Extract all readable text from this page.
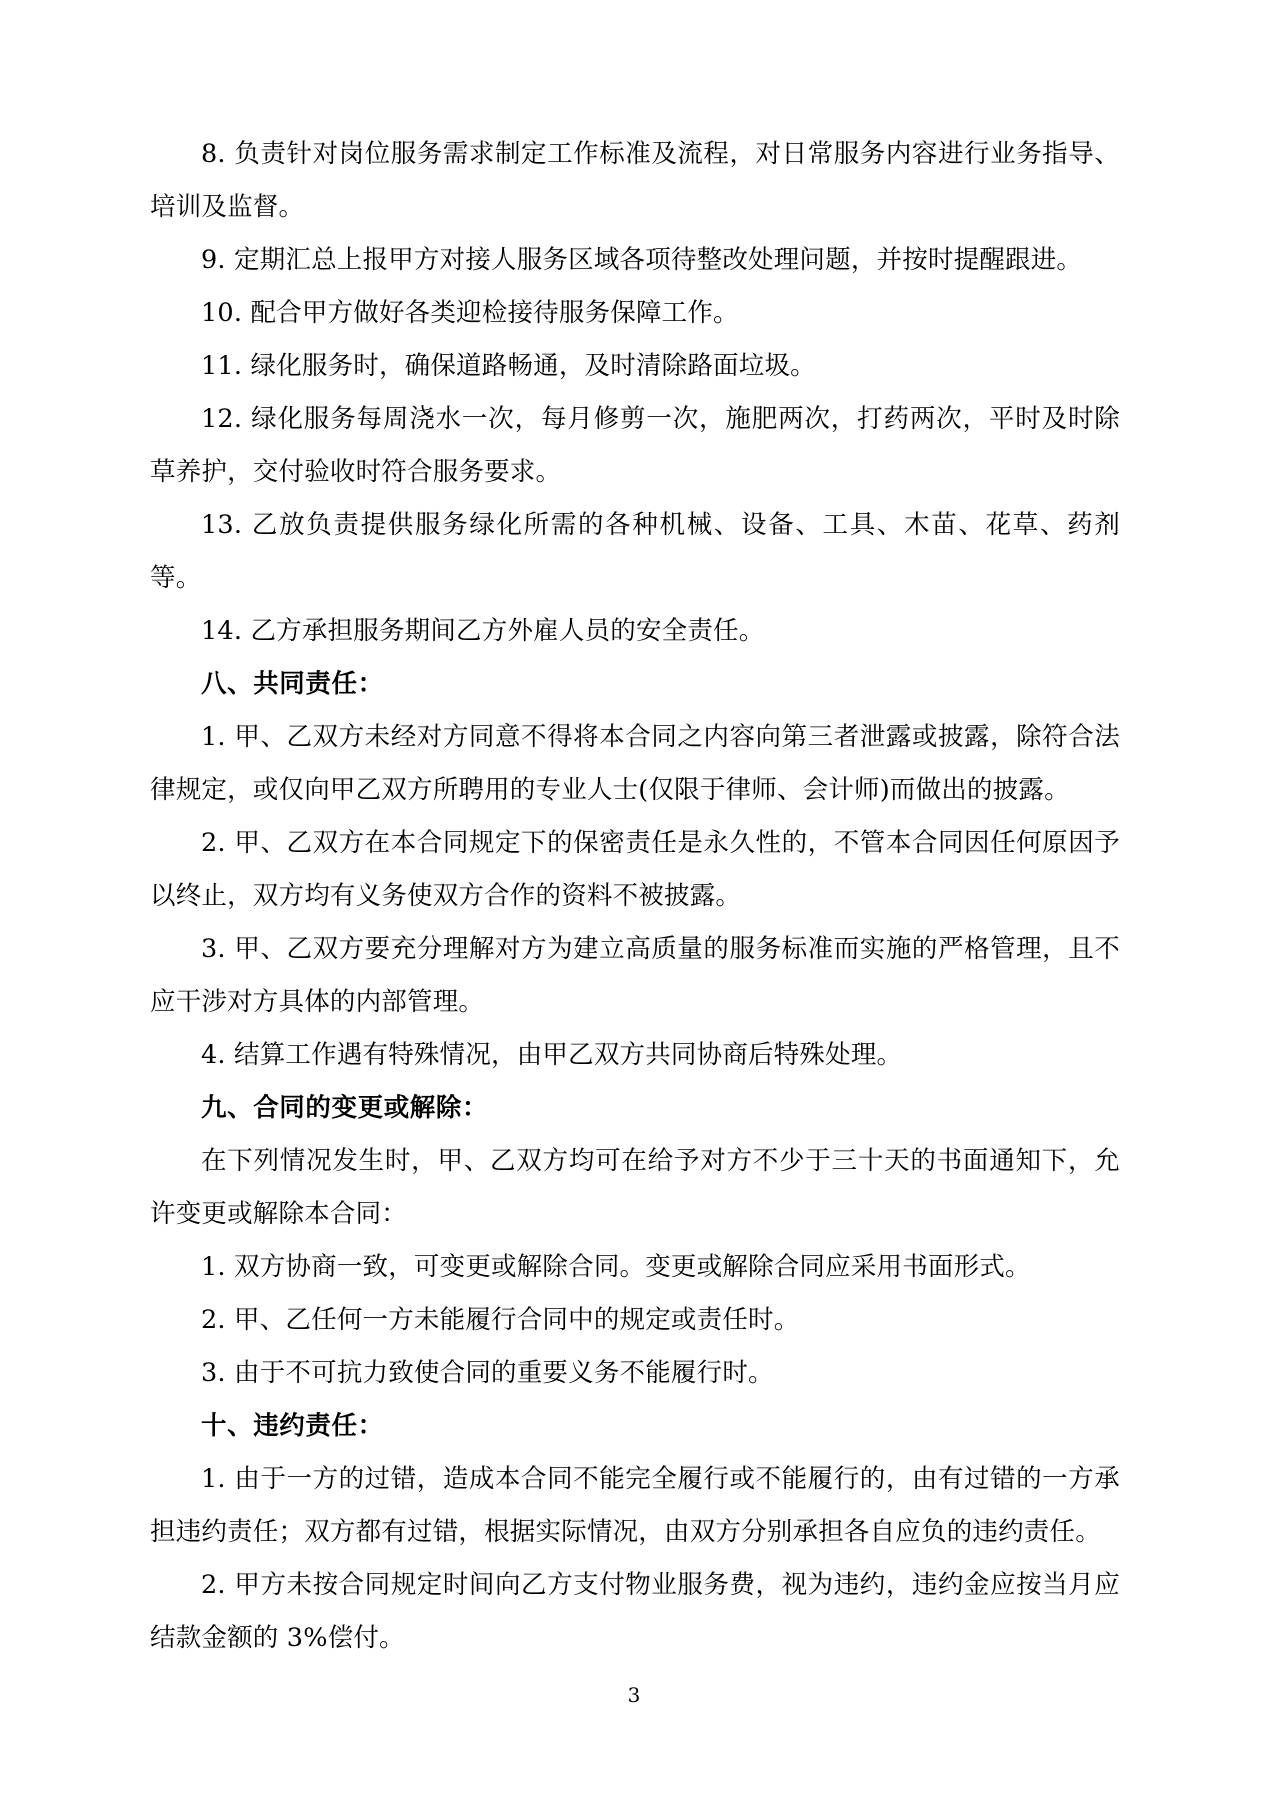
8. 负责针对岗位服务需求制定工作标准及流程，对日常服务内容进行业务指导、培训及监督。

9. 定期汇总上报甲方对接人服务区域各项待整改处理问题，并按时提醒跟进。

10. 配合甲方做好各类迎检接待服务保障工作。

11. 绿化服务时，确保道路畅通，及时清除路面垃圾。

12. 绿化服务每周浇水一次，每月修剪一次，施肥两次，打药两次，平时及时除草养护，交付验收时符合服务要求。

13. 乙放负责提供服务绿化所需的各种机械、设备、工具、木苗、花草、药剂等。

14. 乙方承担服务期间乙方外雇人员的安全责任。

八、共同责任：

1. 甲、乙双方未经对方同意不得将本合同之内容向第三者泄露或披露，除符合法律规定，或仅向甲乙双方所聘用的专业人士(仅限于律师、会计师)而做出的披露。

2. 甲、乙双方在本合同规定下的保密责任是永久性的，不管本合同因任何原因予以终止，双方均有义务使双方合作的资料不被披露。

3. 甲、乙双方要充分理解对方为建立高质量的服务标准而实施的严格管理，且不应干涉对方具体的内部管理。

4. 结算工作遇有特殊情况，由甲乙双方共同协商后特殊处理。

九、合同的变更或解除：

在下列情况发生时，甲、乙双方均可在给予对方不少于三十天的书面通知下，允许变更或解除本合同：

1. 双方协商一致，可变更或解除合同。变更或解除合同应采用书面形式。

2. 甲、乙任何一方未能履行合同中的规定或责任时。

3. 由于不可抗力致使合同的重要义务不能履行时。

十、违约责任：

1. 由于一方的过错，造成本合同不能完全履行或不能履行的，由有过错的一方承担违约责任；双方都有过错，根据实际情况，由双方分别承担各自应负的违约责任。

2. 甲方未按合同规定时间向乙方支付物业服务费，视为违约，违约金应按当月应结款金额的 3%偿付。

3
